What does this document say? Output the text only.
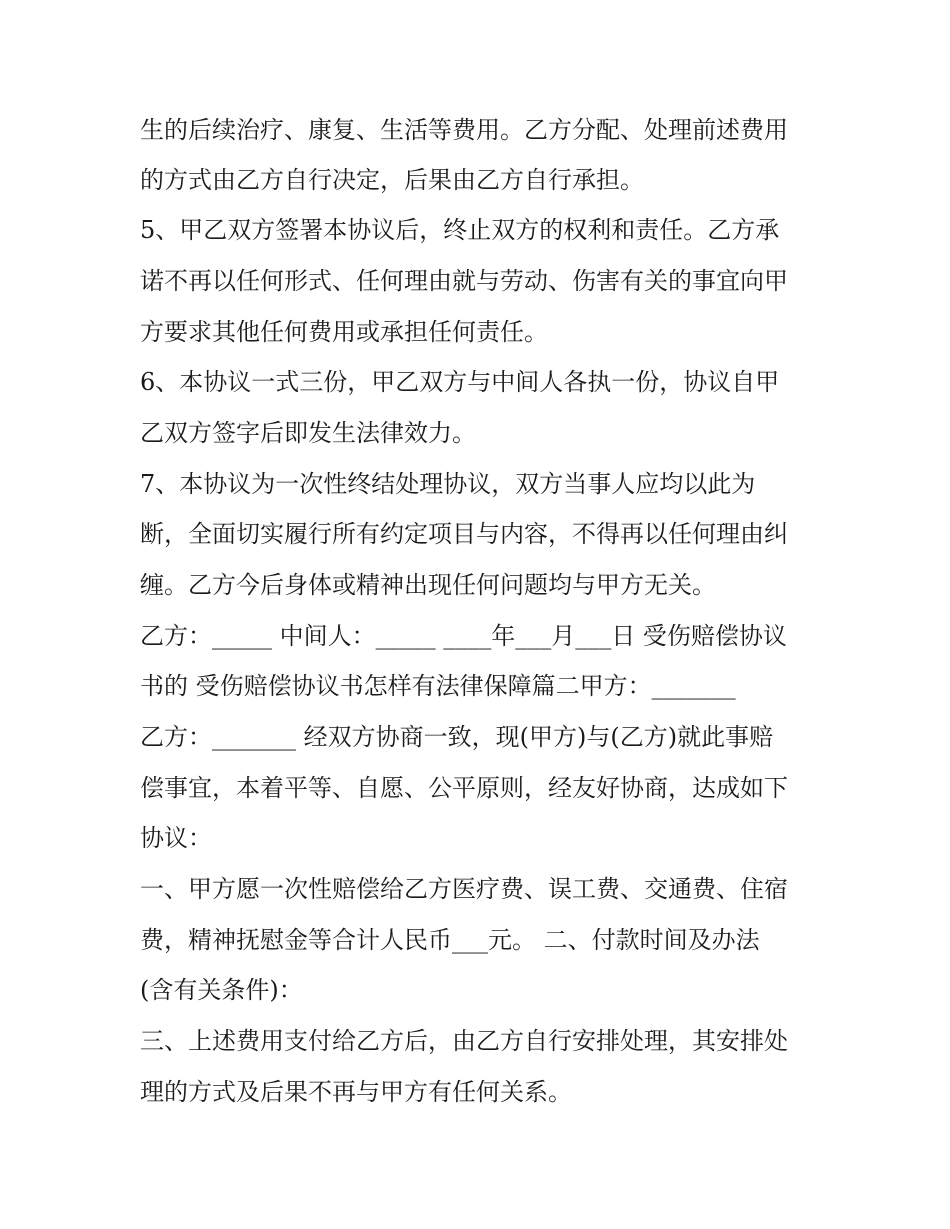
生的后续治疗、康复、生活等费用。乙方分配、处理前述费用
的方式由乙方自行决定，后果由乙方自行承担。
5、甲乙双方签署本协议后，终止双方的权利和责任。乙方承
诺不再以任何形式、任何理由就与劳动、伤害有关的事宜向甲
方要求其他任何费用或承担任何责任。
6、本协议一式三份，甲乙双方与中间人各执一份，协议自甲
乙双方签字后即发生法律效力。
7、本协议为一次性终结处理协议，双方当事人应均以此为
断，全面切实履行所有约定项目与内容，不得再以任何理由纠
缠。乙方今后身体或精神出现任何问题均与甲方无关。
乙方：_____ 中间人：_____ ____年___月___日 受伤赔偿协议
书的 受伤赔偿协议书怎样有法律保障篇二甲方：_______
乙方：_______ 经双方协商一致，现(甲方)与(乙方)就此事赔
偿事宜，本着平等、自愿、公平原则，经友好协商，达成如下
协议：
一、甲方愿一次性赔偿给乙方医疗费、误工费、交通费、住宿
费，精神抚慰金等合计人民币___元。 二、付款时间及办法
(含有关条件)：
三、上述费用支付给乙方后，由乙方自行安排处理，其安排处
理的方式及后果不再与甲方有任何关系。
